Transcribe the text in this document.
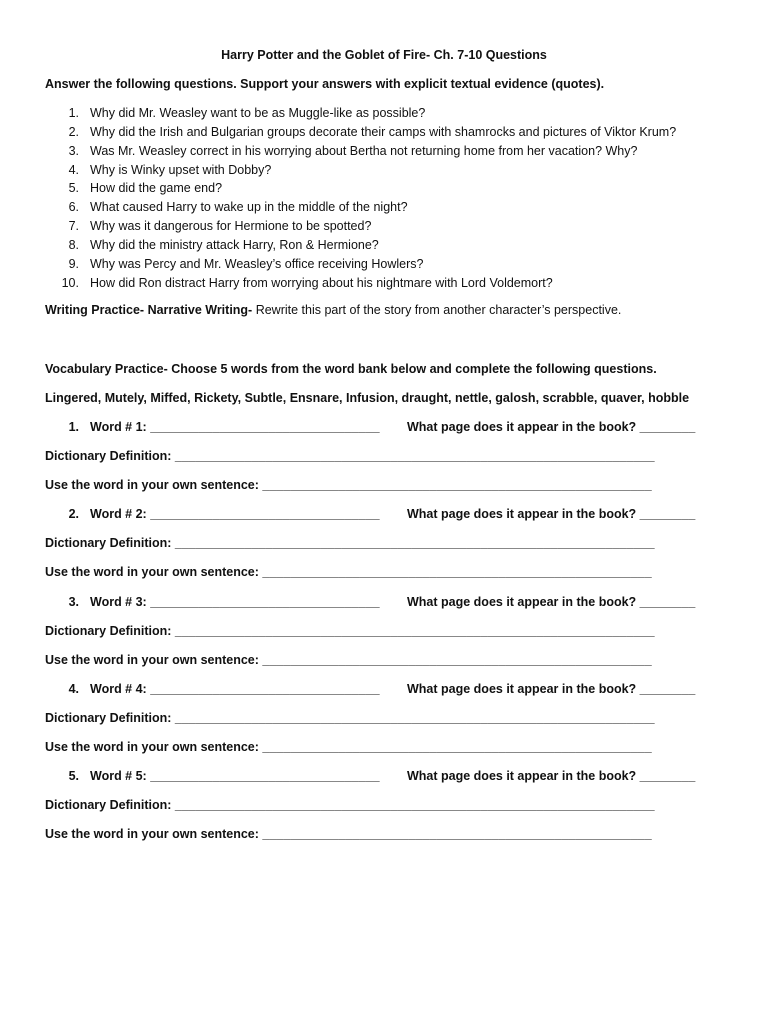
Harry Potter and the Goblet of Fire- Ch. 7-10 Questions
Answer the following questions. Support your answers with explicit textual evidence (quotes).
1. Why did Mr. Weasley want to be as Muggle-like as possible?
2. Why did the Irish and Bulgarian groups decorate their camps with shamrocks and pictures of Viktor Krum?
3. Was Mr. Weasley correct in his worrying about Bertha not returning home from her vacation? Why?
4. Why is Winky upset with Dobby?
5. How did the game end?
6. What caused Harry to wake up in the middle of the night?
7. Why was it dangerous for Hermione to be spotted?
8. Why did the ministry attack Harry, Ron & Hermione?
9. Why was Percy and Mr. Weasley’s office receiving Howlers?
10. How did Ron distract Harry from worrying about his nightmare with Lord Voldemort?
Writing Practice- Narrative Writing- Rewrite this part of the story from another character’s perspective.
Vocabulary Practice- Choose 5 words from the word bank below and complete the following questions.
Lingered, Mutely, Miffed, Rickety, Subtle, Ensnare, Infusion, draught, nettle, galosh, scrabble, quaver, hobble
1. Word # 1: _________________________________ What page does it appear in the book? ________
Dictionary Definition: _____________________________________________________________________
Use the word in your own sentence: ________________________________________________________
2. Word # 2: _________________________________ What page does it appear in the book? ________
Dictionary Definition: _____________________________________________________________________
Use the word in your own sentence: ________________________________________________________
3. Word # 3: _________________________________ What page does it appear in the book? ________
Dictionary Definition: _____________________________________________________________________
Use the word in your own sentence: ________________________________________________________
4. Word # 4: _________________________________ What page does it appear in the book? ________
Dictionary Definition: _____________________________________________________________________
Use the word in your own sentence: ________________________________________________________
5. Word # 5: _________________________________ What page does it appear in the book? ________
Dictionary Definition: _____________________________________________________________________
Use the word in your own sentence: ________________________________________________________
